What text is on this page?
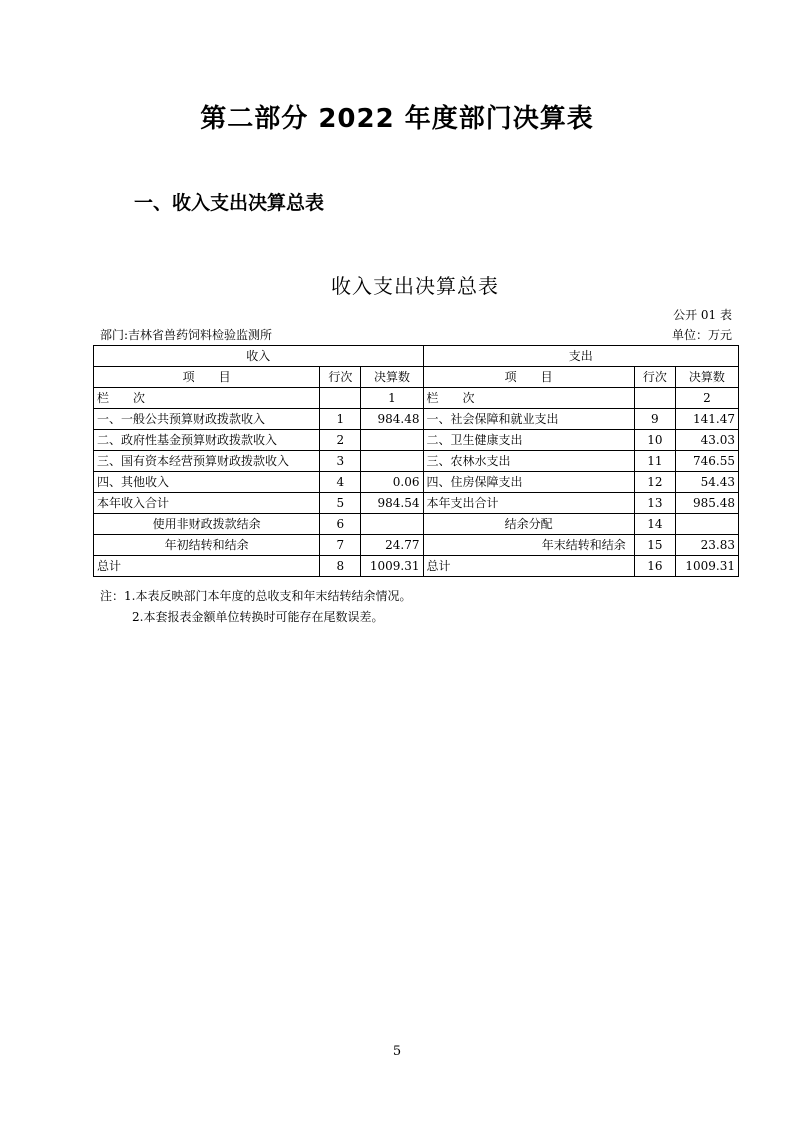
第二部分 2022 年度部门决算表
一、收入支出决算总表
收入支出决算总表
公开 01 表
部门:吉林省兽药饲料检验监测所	单位：万元
收入			支出		
项　　目	行次	决算数	项　　目	行次	决算数
栏　　次		1	栏　　次		2
一、一般公共预算财政拨款收入	1	984.48	一、社会保障和就业支出	9	141.47
二、政府性基金预算财政拨款收入	2		二、卫生健康支出	10	43.03
三、国有资本经营预算财政拨款收入	3		三、农林水支出	11	746.55
四、其他收入	4	0.06	四、住房保障支出	12	54.43
本年收入合计	5	984.54	本年支出合计	13	985.48
使用非财政拨款结余	6		结余分配	14	
年初结转和结余	7	24.77	年末结转和结余	15	23.83
总计	8	1009.31	总计	16	1009.31
注：1.本表反映部门本年度的总收支和年末结转结余情况。
2.本套报表金额单位转换时可能存在尾数误差。
5
